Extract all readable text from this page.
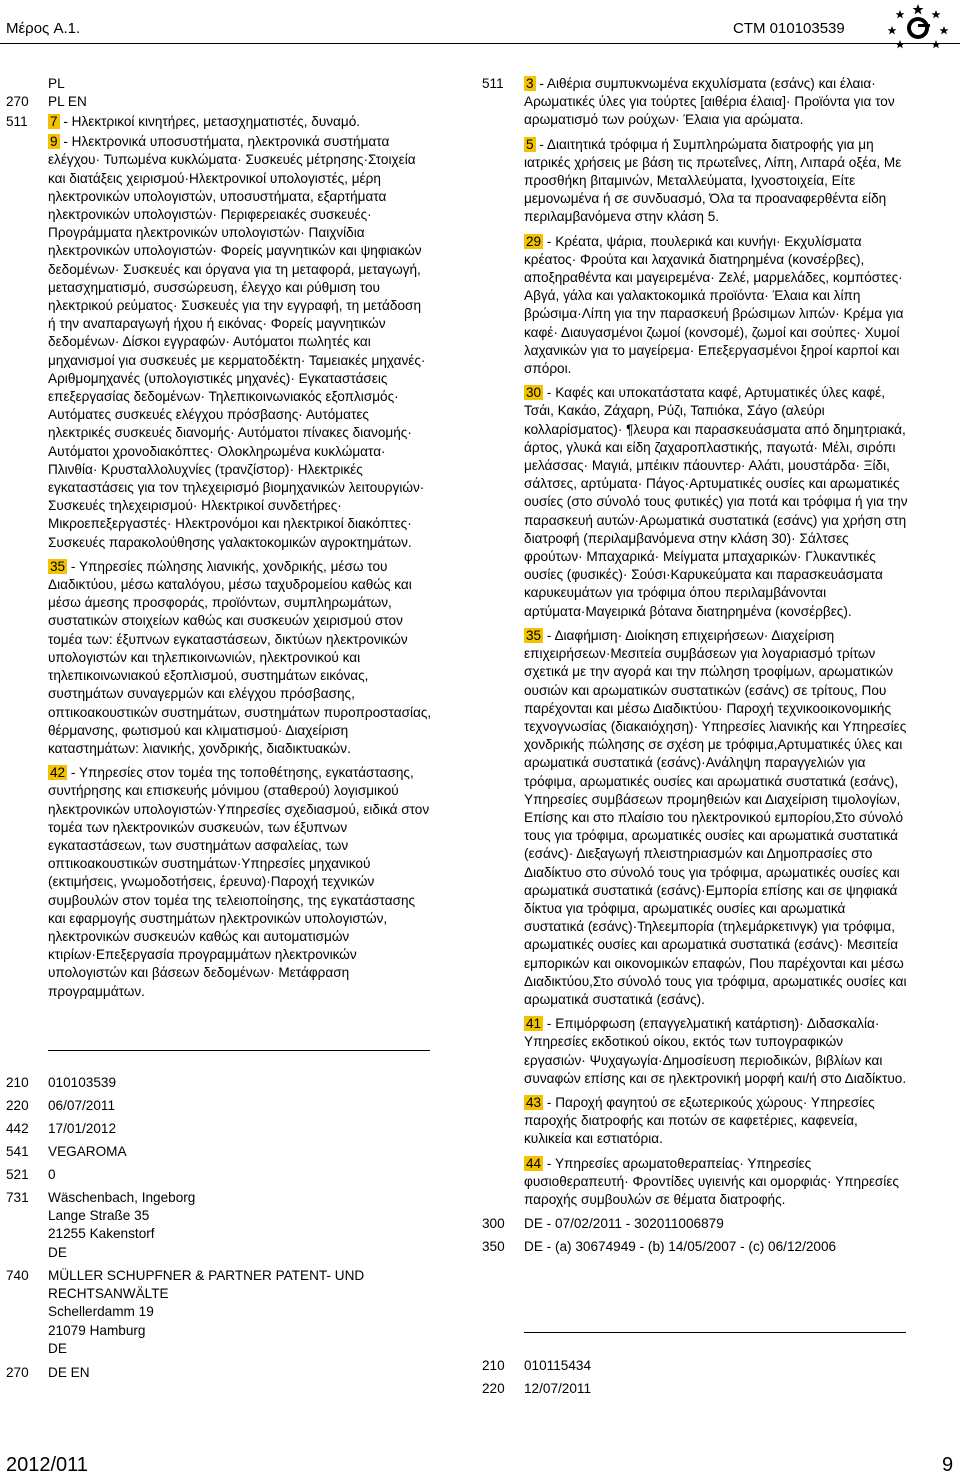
Μέρος A.1.	CTM 010103539
PL
270	PL EN
511	7 - Ηλεκτρικοί κινητήρες, μετασχηματιστές, δυναμό.

9 - Ηλεκτρονικά υποσυστήματα, ηλεκτρονικά συστήματα ελέγχου· Τυπωμένα κυκλώματα· Συσκευές μέτρησης·Στοιχεία και διατάξεις χειρισμού·Ηλεκτρονικοί υπολογιστές, μέρη ηλεκτρονικών υπολογιστών, υποσυστήματα, εξαρτήματα ηλεκτρονικών υπολογιστών· Περιφερειακές συσκευές· Προγράμματα ηλεκτρονικών υπολογιστών· Παιχνίδια ηλεκτρονικών υπολογιστών· Φορείς μαγνητικών και ψηφιακών δεδομένων· Συσκευές και όργανα για τη μεταφορά, μεταγωγή, μετασχηματισμό, συσσώρευση, έλεγχο και ρύθμιση του ηλεκτρικού ρεύματος· Συσκευές για την εγγραφή, τη μετάδοση ή την αναπαραγωγή ήχου ή εικόνας· Φορείς μαγνητικών δεδομένων· Δίσκοι εγγραφών· Αυτόματοι πωλητές και μηχανισμοί για συσκευές με κερματοδέκτη· Ταμειακές μηχανές· Αριθμομηχανές (υπολογιστικές μηχανές)· Εγκαταστάσεις επεξεργασίας δεδομένων· Τηλεπικοινωνιακός εξοπλισμός· Αυτόματες συσκευές ελέγχου πρόσβασης· Αυτόματες ηλεκτρικές συσκευές διανομής· Αυτόματοι πίνακες διανομής· Αυτόματοι χρονοδιακόπτες· Ολοκληρωμένα κυκλώματα· Πλινθία· Κρυσταλλολυχνίες (τρανζίστορ)· Ηλεκτρικές εγκαταστάσεις για τον τηλεχειρισμό βιομηχανικών λειτουργιών· Συσκευές τηλεχειρισμού· Ηλεκτρικοί συνδετήρες· Μικροεπεξεργαστές· Ηλεκτρονόμοι και ηλεκτρικοί διακόπτες· Συσκευές παρακολούθησης γαλακτοκομικών αγροκτημάτων.

35 - Υπηρεσίες πώλησης λιανικής, χονδρικής, μέσω του Διαδικτύου, μέσω καταλόγου, μέσω ταχυδρομείου καθώς και μέσω άμεσης προσφοράς, προϊόντων, συμπληρωμάτων, συστατικών στοιχείων καθώς και συσκευών χειρισμού στον τομέα των: έξυπνων εγκαταστάσεων, δικτύων ηλεκτρονικών υπολογιστών και τηλεπικοινωνιών, ηλεκτρονικού και τηλεπικοινωνιακού εξοπλισμού, συστημάτων εικόνας, συστημάτων συναγερμών και ελέγχου πρόσβασης, οπτικοακουστικών συστημάτων, συστημάτων πυροπροστασίας, θέρμανσης, φωτισμού και κλιματισμού· Διαχείριση καταστημάτων: λιανικής, χονδρικής, διαδικτυακών.

42 - Υπηρεσίες στον τομέα της τοποθέτησης, εγκατάστασης, συντήρησης και επισκευής μόνιμου (σταθερού) λογισμικού ηλεκτρονικών υπολογιστών·Υπηρεσίες σχεδιασμού, ειδικά στον τομέα των ηλεκτρονικών συσκευών, των έξυπνων εγκαταστάσεων, των συστημάτων ασφαλείας, των οπτικοακουστικών συστημάτων·Υπηρεσίες μηχανικού (εκτιμήσεις, γνωμοδοτήσεις, έρευνα)·Παροχή τεχνικών συμβουλών στον τομέα της τελειοποίησης, της εγκατάστασης και εφαρμογής συστημάτων ηλεκτρονικών υπολογιστών, ηλεκτρονικών συσκευών καθώς και αυτοματισμών κτιρίων·Επεξεργασία προγραμμάτων ηλεκτρονικών υπολογιστών και βάσεων δεδομένων· Μετάφραση προγραμμάτων.

210	010103539
220	06/07/2011
442	17/01/2012
541	VEGAROMA
521	0
731	Wäschenbach, Ingeborg
Lange Straße 35
21255 Kakenstorf
DE
740	MÜLLER SCHUPFNER & PARTNER PATENT- UND
RECHTSANWÄLTE
Schellerdamm 19
21079 Hamburg
DE
270	DE EN
511	3 - Αιθέρια συμπυκνωμένα εκχυλίσματα (εσάνς) και έλαια· Αρωματικές ύλες για τούρτες [αιθέρια έλαια]· Προϊόντα για τον αρωματισμό των ρούχων· Έλαια για αρώματα.

5 - Διαιτητικά τρόφιμα ή Συμπληρώματα διατροφής για μη ιατρικές χρήσεις με βάση τις πρωτεΐνες, Λίπη, Λιπαρά οξέα, Με προσθήκη βιταμινών, Μεταλλεύματα, Ιχνοστοιχεία, Είτε μεμονωμένα ή σε συνδυασμό, Όλα τα προαναφερθέντα είδη περιλαμβανόμενα στην κλάση 5.

29 - Κρέατα, ψάρια, πουλερικά και κυνήγι· Εκχυλίσματα κρέατος· Φρούτα και λαχανικά διατηρημένα (κονσέρβες), αποξηραθέντα και μαγειρεμένα· Ζελέ, μαρμελάδες, κομπόστες· Αβγά, γάλα και γαλακτοκομικά προϊόντα· Έλαια και λίπη βρώσιμα·Λίπη για την παρασκευή βρώσιμων λιπών· Κρέμα για καφέ· Διαυγασμένοι ζωμοί (κονσομέ), ζωμοί και σούπες· Χυμοί λαχανικών για το μαγείρεμα· Επεξεργασμένοι ξηροί καρποί και σπόροι.

30 - Καφές και υποκατάστατα καφέ, Αρτυματικές ύλες καφέ, Τσάι, Κακάο, Ζάχαρη, Ρύζι, Ταπιόκα, Σάγο (αλεύρι κολλαρίσματος)· ¶λευρα και παρασκευάσματα από δημητριακά, άρτος, γλυκά και είδη ζαχαροπλαστικής, παγωτά· Μέλι, σιρόπι μελάσσας· Μαγιά, μπέικιν πάουντερ· Αλάτι, μουστάρδα· Ξίδι, σάλτσες, αρτύματα· Πάγος·Αρτυματικές ουσίες και αρωματικές ουσίες (στο σύνολό τους φυτικές) για ποτά και τρόφιμα ή για την παρασκευή αυτών·Αρωματικά συστατικά (εσάνς) για χρήση στη διατροφή (περιλαμβανόμενα στην κλάση 30)· Σάλτσες φρούτων· Μπαχαρικά· Μείγματα μπαχαρικών· Γλυκαντικές ουσίες (φυσικές)· Σούσι·Καρυκεύματα και παρασκευάσματα καρυκευμάτων για τρόφιμα όπου περιλαμβάνονται αρτύματα·Μαγειρικά βότανα διατηρημένα (κονσέρβες).

35 - Διαφήμιση· Διοίκηση επιχειρήσεων· Διαχείριση επιχειρήσεων·Μεσιτεία συμβάσεων για λογαριασμό τρίτων σχετικά με την αγορά και την πώληση τροφίμων, αρωματικών ουσιών και αρωματικών συστατικών (εσάνς) σε τρίτους, Που παρέχονται και μέσω Διαδικτύου· Παροχή τεχνικοοικονομικής τεχνογνωσίας (διακαιόχηση)· Υπηρεσίες λιανικής και Υπηρεσίες χονδρικής πώλησης σε σχέση με τρόφιμα,Αρτυματικές ύλες και αρωματικά συστατικά (εσάνς)·Ανάληψη παραγγελιών για τρόφιμα, αρωματικές ουσίες και αρωματικά συστατικά (εσάνς), Υπηρεσίες συμβάσεων προμηθειών και Διαχείριση τιμολογίων, Επίσης και στο πλαίσιο του ηλεκτρονικού εμπορίου,Στο σύνολό τους για τρόφιμα, αρωματικές ουσίες και αρωματικά συστατικά (εσάνς)· Διεξαγωγή πλειστηριασμών και Δημοπρασίες στο Διαδίκτυο στο σύνολό τους για τρόφιμα, αρωματικές ουσίες και αρωματικά συστατικά (εσάνς)·Εμπορία επίσης και σε ψηφιακά δίκτυα για τρόφιμα, αρωματικές ουσίες και αρωματικά συστατικά (εσάνς)·Τηλεεμπορία (τηλεμάρκετινγκ) για τρόφιμα, αρωματικές ουσίες και αρωματικά συστατικά (εσάνς)· Μεσιτεία εμπορικών και οικονομικών επαφών, Που παρέχονται και μέσω Διαδικτύου,Στο σύνολό τους για τρόφιμα, αρωματικές ουσίες και αρωματικά συστατικά (εσάνς).

41 - Επιμόρφωση (επαγγελματική κατάρτιση)· Διδασκαλία· Υπηρεσίες εκδοτικού οίκου, εκτός των τυπογραφικών εργασιών· Ψυχαγωγία·Δημοσίευση περιοδικών, βιβλίων και συναφών επίσης και σε ηλεκτρονική μορφή και/ή στο Διαδίκτυο.

43 - Παροχή φαγητού σε εξωτερικούς χώρους· Υπηρεσίες παροχής διατροφής και ποτών σε καφετέριες, καφενεία, κυλικεία και εστιατόρια.

44 - Υπηρεσίες αρωματοθεραπείας· Υπηρεσίες φυσιοθεραπευτή· Φροντίδες υγιεινής και ομορφιάς· Υπηρεσίες παροχής συμβουλών σε θέματα διατροφής.

300	DE - 07/02/2011 - 302011006879
350	DE - (a) 30674949 - (b) 14/05/2007 - (c) 06/12/2006
210	010115434
220	12/07/2011
2012/011	9
